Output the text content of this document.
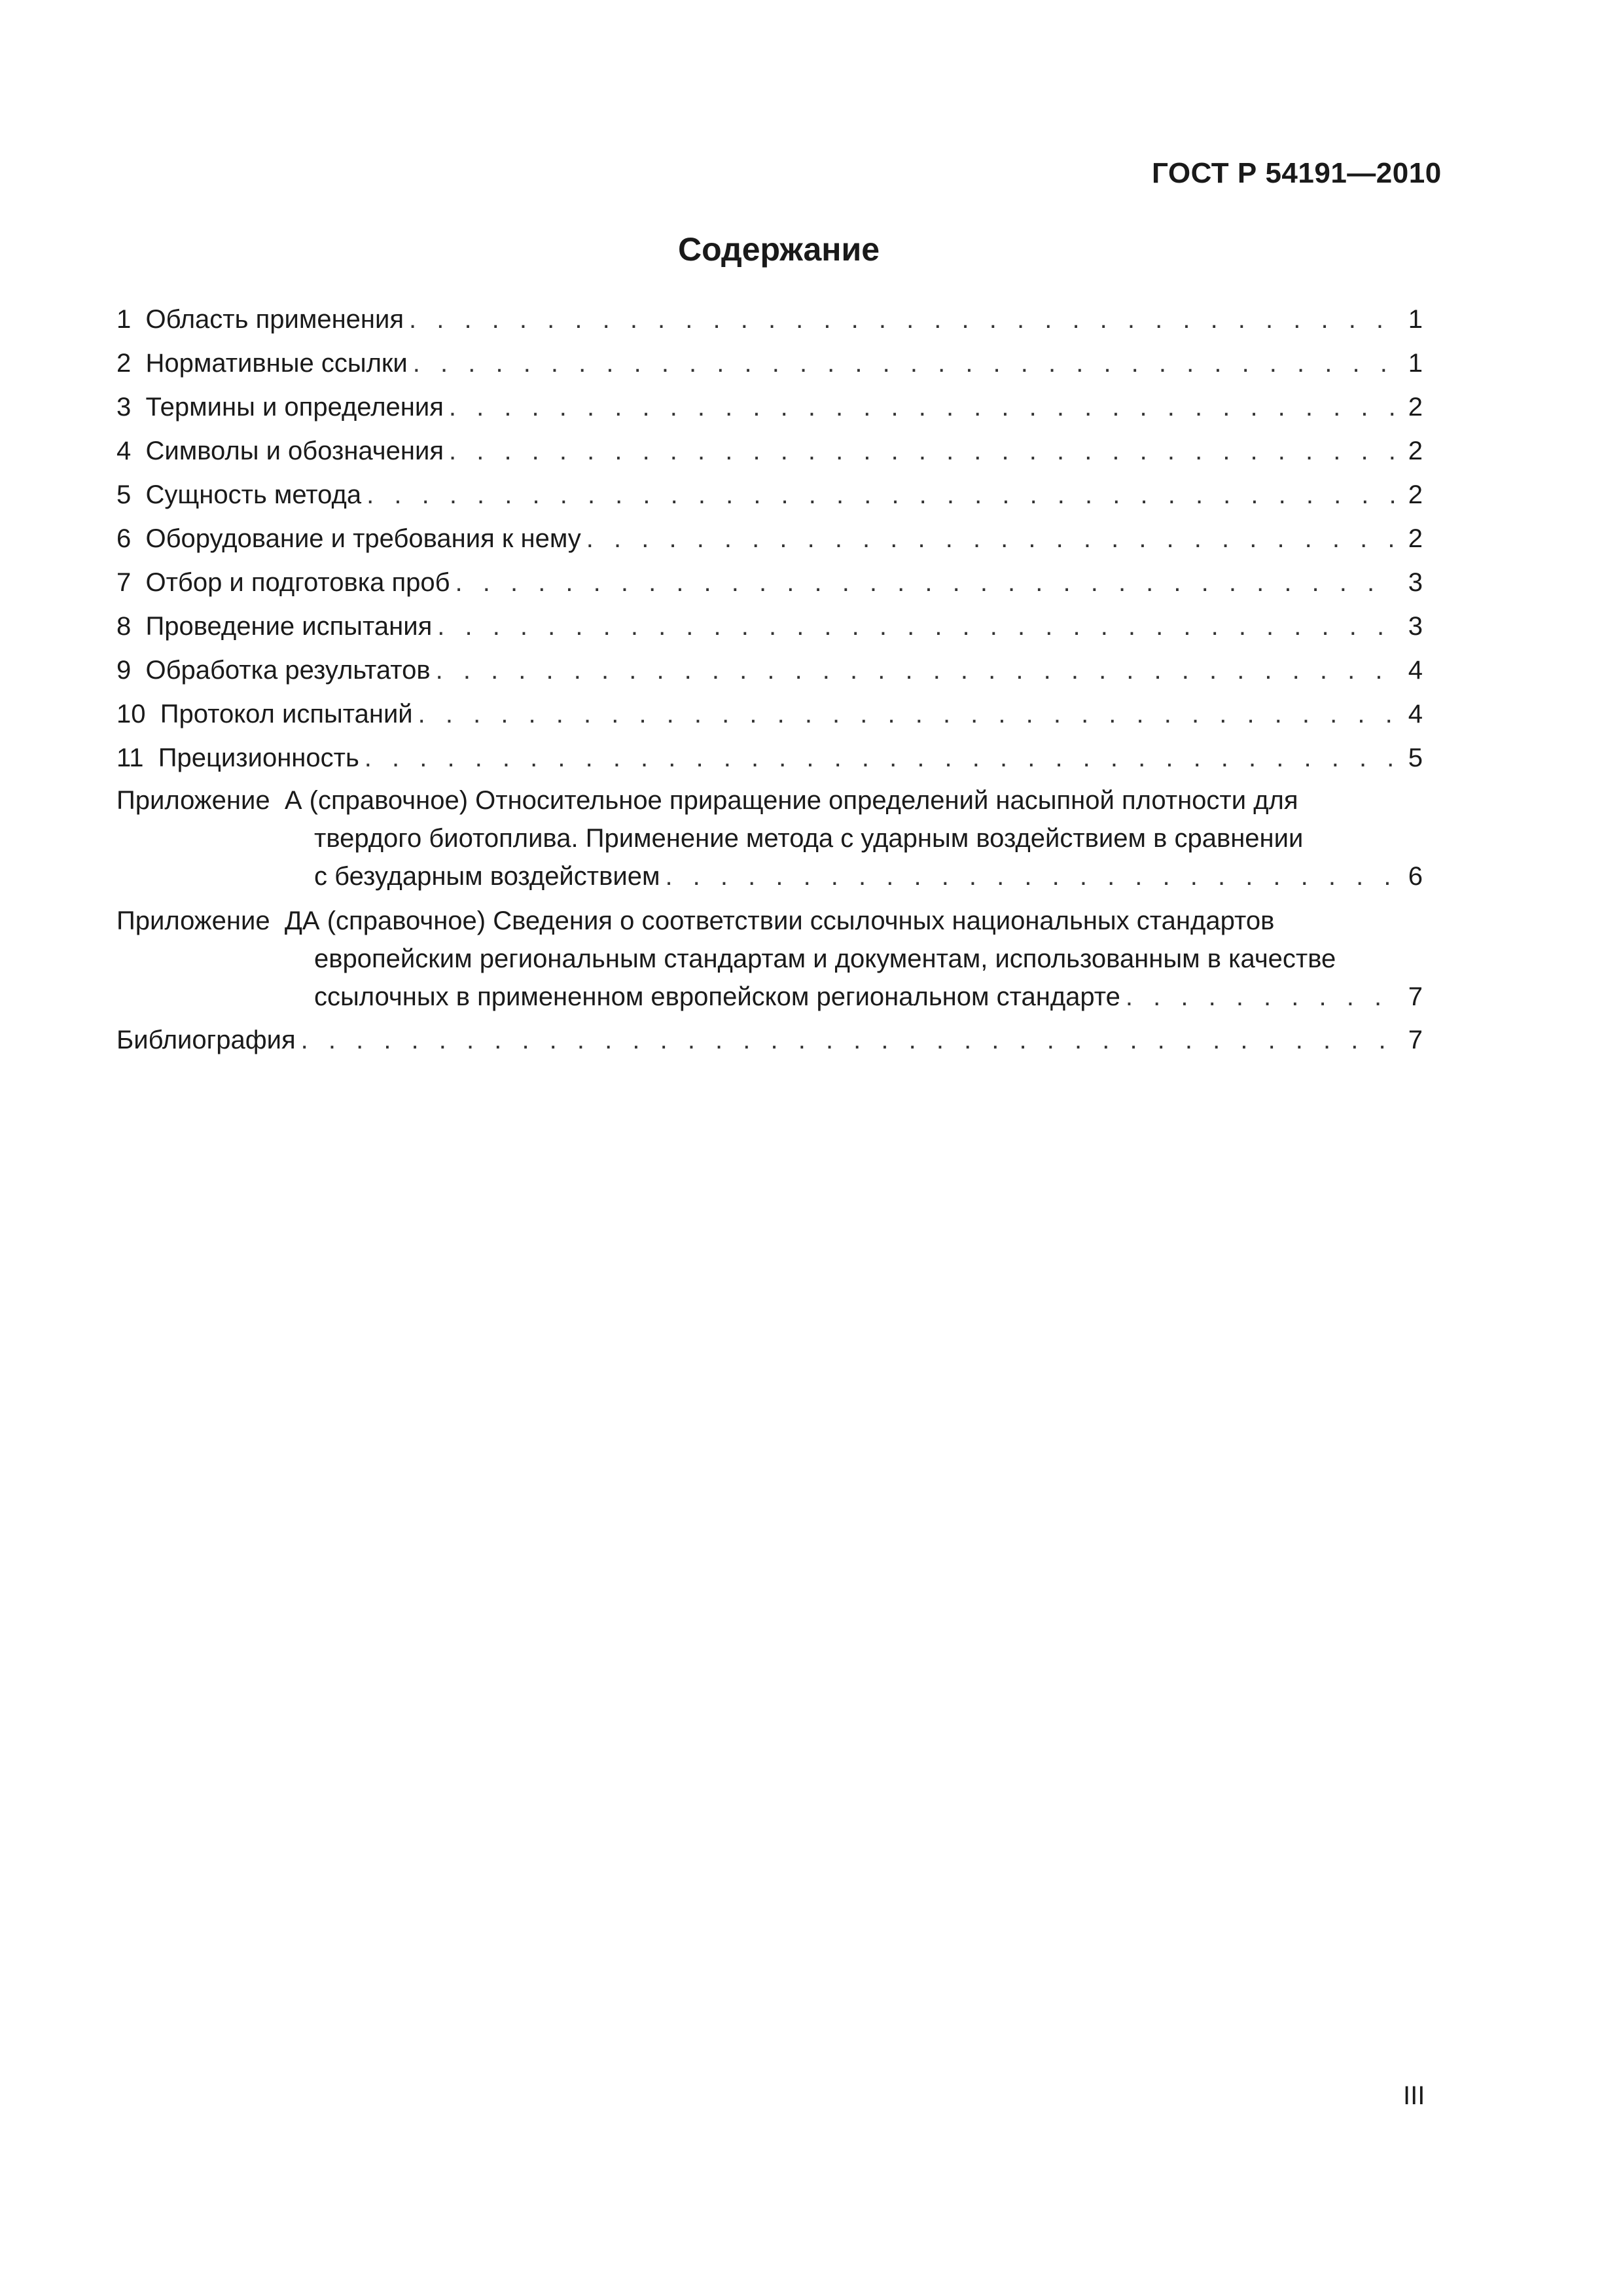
ГОСТ Р 54191—2010
Содержание
1
Область применения . . .	1
2
Нормативные ссылки . . .	1
3
Термины и определения . . .	2
4
Символы и обозначения . . .	2
5
Сущность метода . . .	2
6
Оборудование и требования к нему . . .	2
7
Отбор и подготовка проб . . .	3
8
Проведение испытания . . .	3
9
Обработка результатов . . .	4
10
Протокол испытаний . . .	4
11
Прецизионность . . .	5
Приложение  А (справочное)
Относительное приращение определений насыпной плотности для
твердого биотоплива. Применение метода с ударным воздействием в сравнении
с безударным воздействием . . .	6
Приложение  ДА (справочное)
Сведения о соответствии ссылочных национальных стандартов
европейским региональным стандартам и документам, использованным в качестве
ссылочных в примененном европейском региональном стандарте . . .	7
Библиография . . .	7
III
